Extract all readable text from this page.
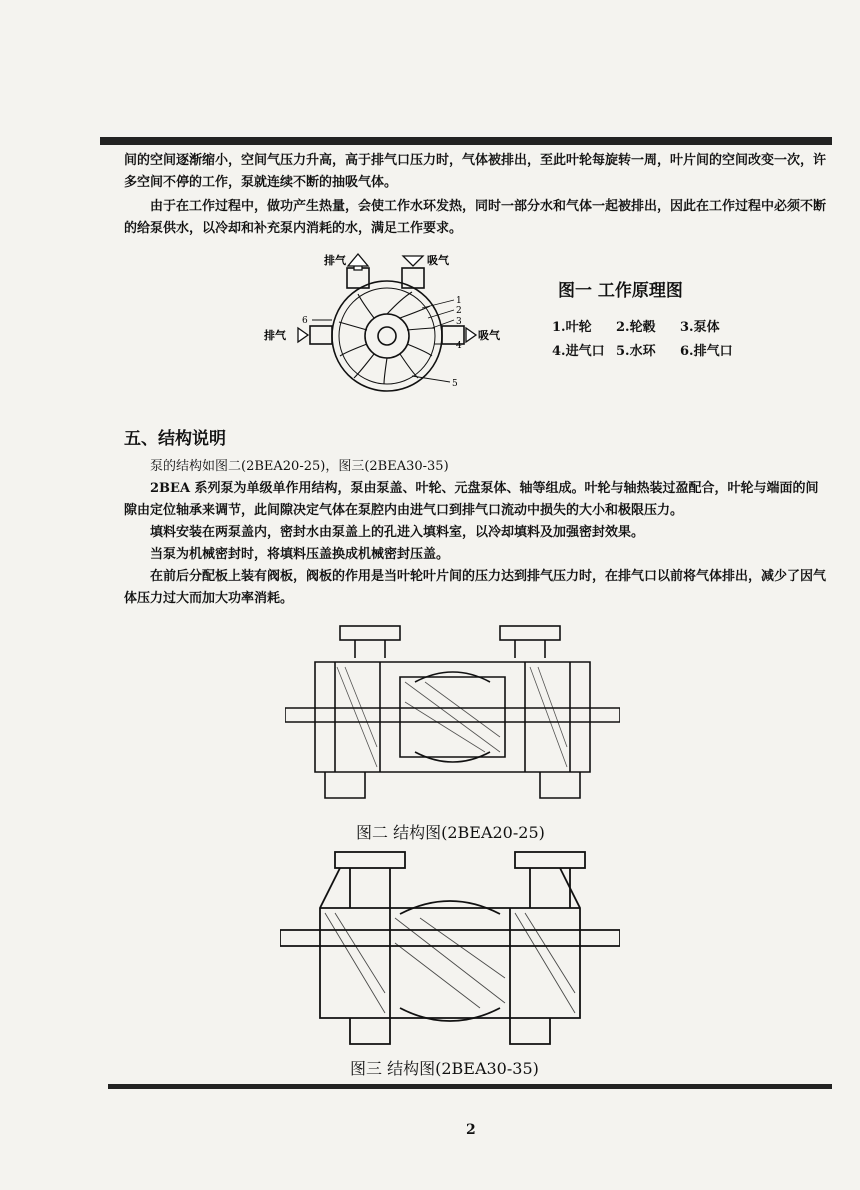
间的空间逐渐缩小，空间气压力升高，高于排气口压力时，气体被排出，至此叶轮每旋转一周，叶片间的空间改变一次，许多空间不停的工作，泵就连续不断的抽吸气体。

由于在工作过程中，做功产生热量，会使工作水环发热，同时一部分水和气体一起被排出，因此在工作过程中必须不断的给泵供水，以冷却和补充泵内消耗的水，满足工作要求。

排气	吸气
排气	吸气
1
2
3
4
5
6
图一 工作原理图
1.叶轮 2.轮毂 3.泵体 4.进气口 5.水环 6.排气口
五、结构说明

泵的结构如图二(2BEA20-25)，图三(2BEA30-35)

2BEA 系列泵为单级单作用结构，泵由泵盖、叶轮、元盘泵体、轴等组成。叶轮与轴热装过盈配合，叶轮与端面的间隙由定位轴承来调节，此间隙决定气体在泵腔内由进气口到排气口流动中损失的大小和极限压力。

填料安装在两泵盖内，密封水由泵盖上的孔进入填料室，以冷却填料及加强密封效果。

当泵为机械密封时，将填料压盖换成机械密封压盖。

在前后分配板上装有阀板，阀板的作用是当叶轮叶片间的压力达到排气压力时，在排气口以前将气体排出，减少了因气体压力过大而加大功率消耗。

图二 结构图(2BEA20-25)
图三 结构图(2BEA30-35)
2
